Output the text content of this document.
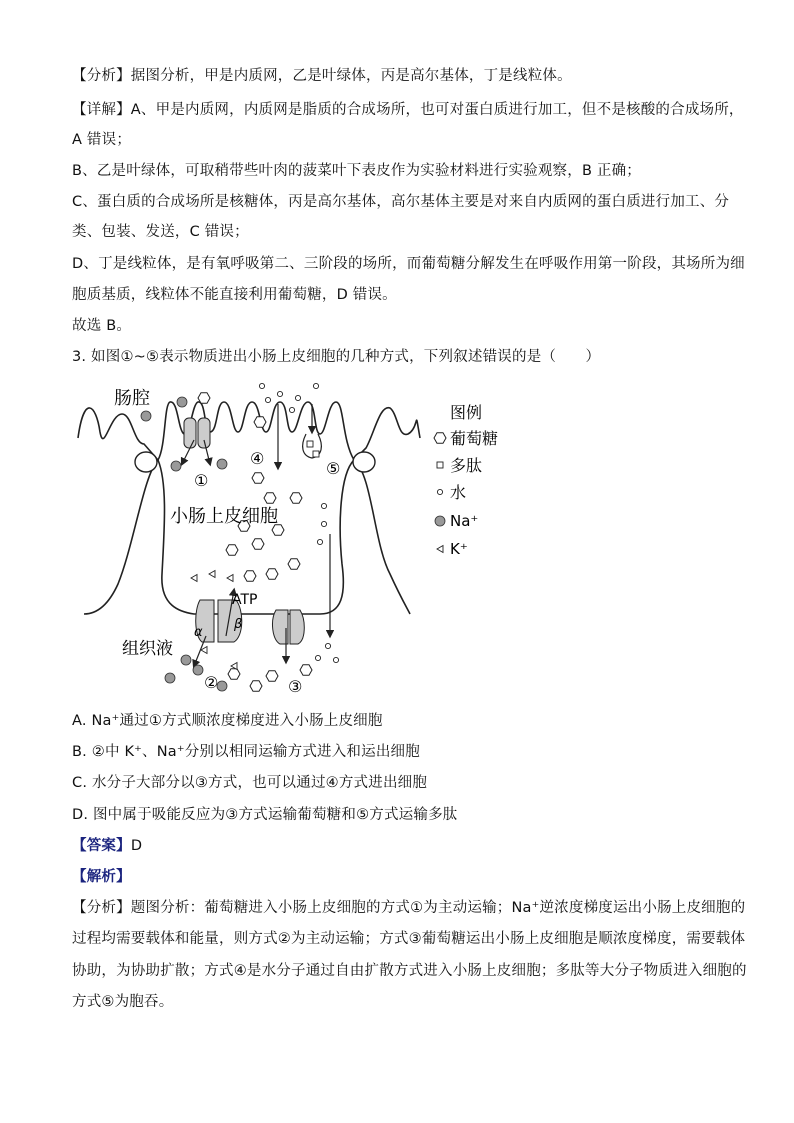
【分析】据图分析，甲是内质网，乙是叶绿体，丙是高尔基体，丁是线粒体。
【详解】A、甲是内质网，内质网是脂质的合成场所，也可对蛋白质进行加工，但不是核酸的合成场所，
A 错误；
B、乙是叶绿体，可取稍带些叶肉的菠菜叶下表皮作为实验材料进行实验观察，B 正确；
C、蛋白质的合成场所是核糖体，丙是高尔基体，高尔基体主要是对来自内质网的蛋白质进行加工、分
类、包装、发送，C 错误；
D、丁是线粒体，是有氧呼吸第二、三阶段的场所，而葡萄糖分解发生在呼吸作用第一阶段，其场所为细
胞质基质，线粒体不能直接利用葡萄糖，D 错误。
故选 B。
3. 如图①~⑤表示物质进出小肠上皮细胞的几种方式，下列叙述错误的是（　　）
肠腔
小肠上皮细胞
组织液
ATP
α
β
①
②	③
④
⑤
图例
葡萄糖
多肽
水
Na⁺
K⁺
A. Na⁺通过①方式顺浓度梯度进入小肠上皮细胞
B. ②中 K⁺、Na⁺分别以相同运输方式进入和运出细胞
C. 水分子大部分以③方式，也可以通过④方式进出细胞
D. 图中属于吸能反应为③方式运输葡萄糖和⑤方式运输多肽
【答案】D
【解析】
【分析】题图分析：葡萄糖进入小肠上皮细胞的方式①为主动运输；Na⁺逆浓度梯度运出小肠上皮细胞的
过程均需要载体和能量，则方式②为主动运输；方式③葡萄糖运出小肠上皮细胞是顺浓度梯度，需要载体
协助，为协助扩散；方式④是水分子通过自由扩散方式进入小肠上皮细胞；多肽等大分子物质进入细胞的
方式⑤为胞吞。
